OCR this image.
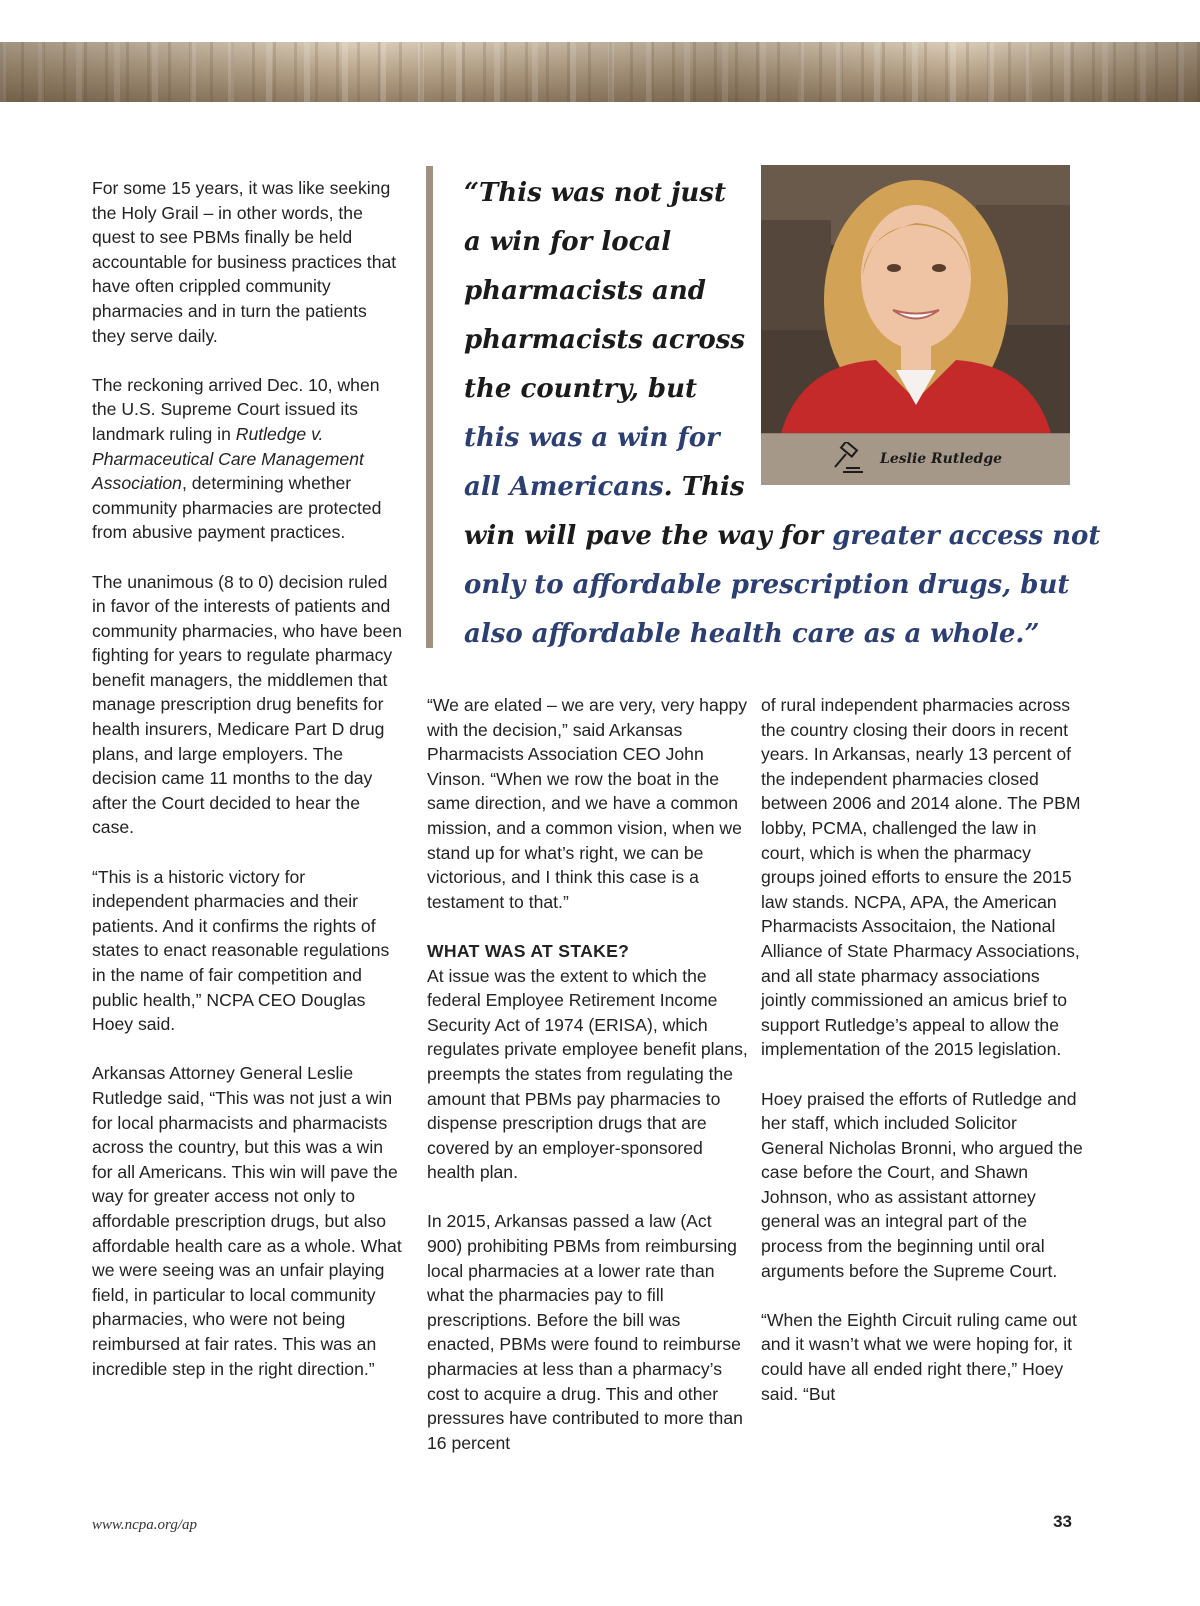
For some 15 years, it was like seeking the Holy Grail – in other words, the quest to see PBMs finally be held accountable for business practices that have often crippled community pharmacies and in turn the patients they serve daily.

The reckoning arrived Dec. 10, when the U.S. Supreme Court issued its landmark ruling in Rutledge v. Pharmaceutical Care Management Association, determining whether community pharmacies are protected from abusive payment practices.

The unanimous (8 to 0) decision ruled in favor of the interests of patients and community pharmacies, who have been fighting for years to regulate pharmacy benefit managers, the middlemen that manage prescription drug benefits for health insurers, Medicare Part D drug plans, and large employers. The decision came 11 months to the day after the Court decided to hear the case.

“This is a historic victory for independent pharmacies and their patients. And it confirms the rights of states to enact reasonable regulations in the name of fair competition and public health,” NCPA CEO Douglas Hoey said.

Arkansas Attorney General Leslie Rutledge said, “This was not just a win for local pharmacists and pharmacists across the country, but this was a win for all Americans. This win will pave the way for greater access not only to affordable prescription drugs, but also affordable health care as a whole. What we were seeing was an unfair playing field, in particular to local community pharmacies, who were not being reimbursed at fair rates. This was an incredible step in the right direction.”

“This was not just

a win for local

pharmacists and

pharmacists across

the country, but

this was a win for

all Americans. This

win will pave the way for greater access not

only to affordable prescription drugs, but

also affordable health care as a whole.”

Leslie Rutledge

“We are elated – we are very, very happy with the decision,” said Arkansas Pharmacists Association CEO John Vinson. “When we row the boat in the same direction, and we have a common mission, and a common vision, when we stand up for what’s right, we can be victorious, and I think this case is a testament to that.”

WHAT WAS AT STAKE?
At issue was the extent to which the federal Employee Retirement Income Security Act of 1974 (ERISA), which regulates private employee benefit plans, preempts the states from regulating the amount that PBMs pay pharmacies to dispense prescription drugs that are covered by an employer-sponsored health plan.

In 2015, Arkansas passed a law (Act 900) prohibiting PBMs from reimbursing local pharmacies at a lower rate than what the pharmacies pay to fill prescriptions. Before the bill was enacted, PBMs were found to reimburse pharmacies at less than a pharmacy’s cost to acquire a drug. This and other pressures have contributed to more than 16 percent

of rural independent pharmacies across the country closing their doors in recent years. In Arkansas, nearly 13 percent of the independent pharmacies closed between 2006 and 2014 alone. The PBM lobby, PCMA, challenged the law in court, which is when the pharmacy groups joined efforts to ensure the 2015 law stands. NCPA, APA, the American Pharmacists Associtaion, the National Alliance of State Pharmacy Associations, and all state pharmacy associations jointly commissioned an amicus brief to support Rutledge’s appeal to allow the implementation of the 2015 legislation.

Hoey praised the efforts of Rutledge and her staff, which included Solicitor General Nicholas Bronni, who argued the case before the Court, and Shawn Johnson, who as assistant attorney general was an integral part of the process from the beginning until oral arguments before the Supreme Court.

“When the Eighth Circuit ruling came out and it wasn’t what we were hoping for, it could have all ended right there,” Hoey said. “But

www.ncpa.org/ap	33
